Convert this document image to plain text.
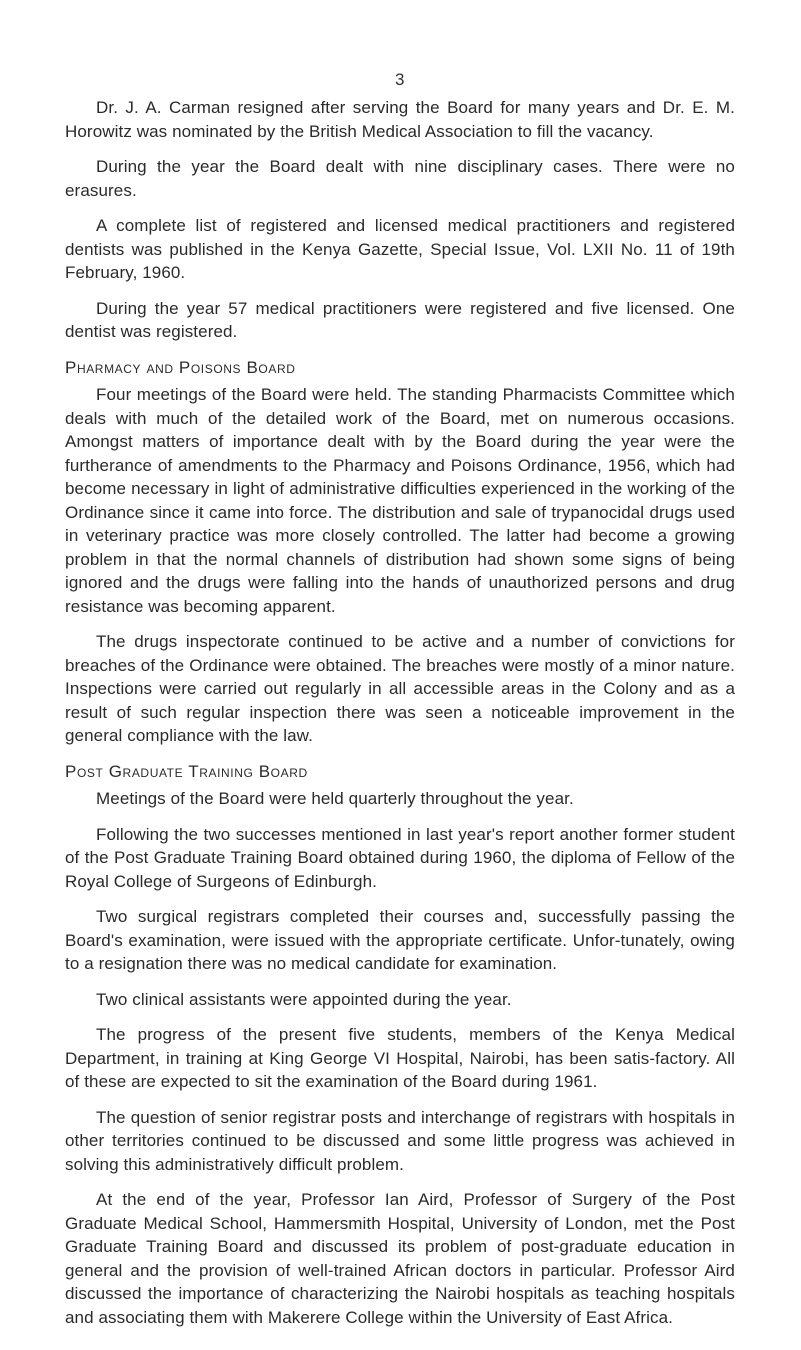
3

Dr. J. A. Carman resigned after serving the Board for many years and Dr. E. M. Horowitz was nominated by the British Medical Association to fill the vacancy.

During the year the Board dealt with nine disciplinary cases. There were no erasures.

A complete list of registered and licensed medical practitioners and registered dentists was published in the Kenya Gazette, Special Issue, Vol. LXII No. 11 of 19th February, 1960.

During the year 57 medical practitioners were registered and five licensed. One dentist was registered.

Pharmacy and Poisons Board

Four meetings of the Board were held. The standing Pharmacists Committee which deals with much of the detailed work of the Board, met on numerous occasions. Amongst matters of importance dealt with by the Board during the year were the furtherance of amendments to the Pharmacy and Poisons Ordinance, 1956, which had become necessary in light of administrative difficulties experienced in the working of the Ordinance since it came into force. The distribution and sale of trypanocidal drugs used in veterinary practice was more closely controlled. The latter had become a growing problem in that the normal channels of distribution had shown some signs of being ignored and the drugs were falling into the hands of unauthorized persons and drug resistance was becoming apparent.

The drugs inspectorate continued to be active and a number of convictions for breaches of the Ordinance were obtained. The breaches were mostly of a minor nature. Inspections were carried out regularly in all accessible areas in the Colony and as a result of such regular inspection there was seen a noticeable improvement in the general compliance with the law.

Post Graduate Training Board

Meetings of the Board were held quarterly throughout the year.

Following the two successes mentioned in last year's report another former student of the Post Graduate Training Board obtained during 1960, the diploma of Fellow of the Royal College of Surgeons of Edinburgh.

Two surgical registrars completed their courses and, successfully passing the Board's examination, were issued with the appropriate certificate. Unfor-tunately, owing to a resignation there was no medical candidate for examination.

Two clinical assistants were appointed during the year.

The progress of the present five students, members of the Kenya Medical Department, in training at King George VI Hospital, Nairobi, has been satis-factory. All of these are expected to sit the examination of the Board during 1961.

The question of senior registrar posts and interchange of registrars with hospitals in other territories continued to be discussed and some little progress was achieved in solving this administratively difficult problem.

At the end of the year, Professor Ian Aird, Professor of Surgery of the Post Graduate Medical School, Hammersmith Hospital, University of London, met the Post Graduate Training Board and discussed its problem of post-graduate education in general and the provision of well-trained African doctors in particular. Professor Aird discussed the importance of characterizing the Nairobi hospitals as teaching hospitals and associating them with Makerere College within the University of East Africa.
